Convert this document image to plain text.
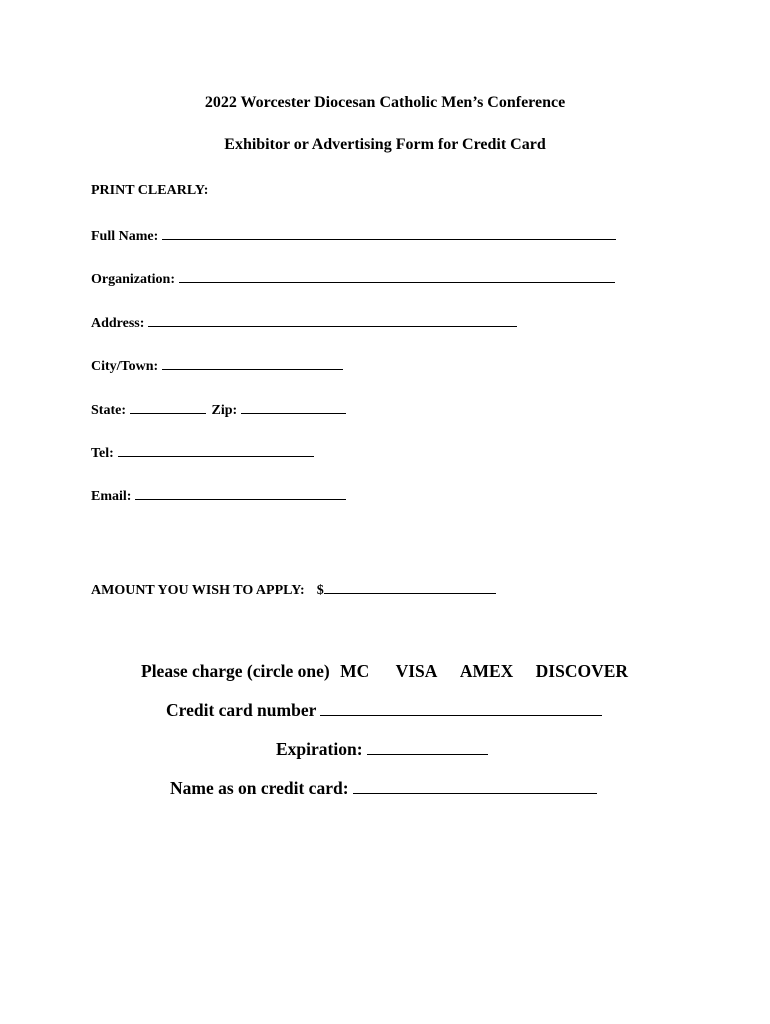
2022 Worcester Diocesan Catholic Men’s Conference
Exhibitor or Advertising Form for Credit Card
PRINT CLEARLY:
Full Name:
Organization:
Address:
City/Town:
State:	Zip:
Tel:
Email:
AMOUNT YOU WISH TO APPLY: $
Please charge (circle one) MC VISA AMEX DISCOVER
Credit card number
Expiration:
Name as on credit card:
